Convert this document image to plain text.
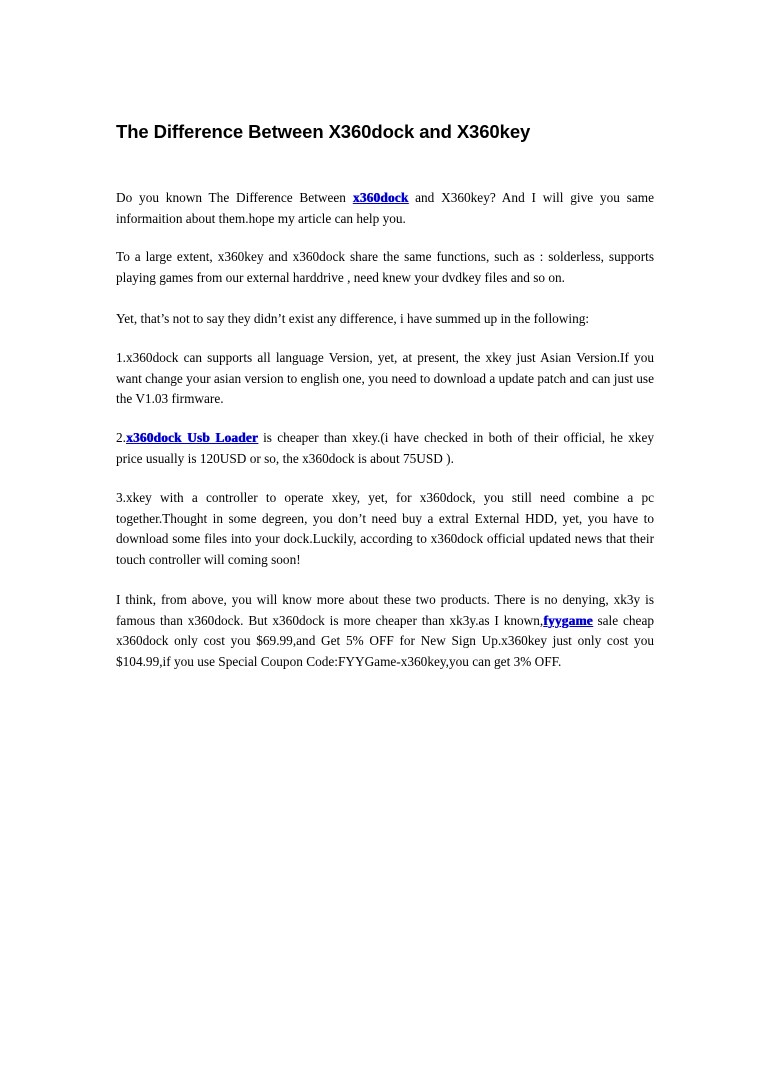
The Difference Between X360dock and X360key

Do you known The Difference Between x360dock and X360key? And I will give you same informaition about them.hope my article can help you.

To a large extent, x360key and x360dock share the same functions, such as : solderless, supports playing games from our external harddrive , need knew your dvdkey files and so on.

Yet, that’s not to say they didn’t exist any difference, i have summed up in the following:

1.x360dock can supports all language Version, yet, at present, the xkey just Asian Version.If you want change your asian version to english one, you need to download a update patch and can just use the V1.03 firmware.

2.x360dock Usb Loader is cheaper than xkey.(i have checked in both of their official, he xkey price usually is 120USD or so, the x360dock is about 75USD ).

3.xkey with a controller to operate xkey, yet, for x360dock, you still need combine a pc together.Thought in some degreen, you don’t need buy a extral External HDD, yet, you have to download some files into your dock.Luckily, according to x360dock official updated news that their touch controller will coming soon!

I think, from above, you will know more about these two products. There is no denying, xk3y is famous than x360dock. But x360dock is more cheaper than xk3y.as I known,fyygame sale cheap x360dock only cost you $69.99,and Get 5% OFF for New Sign Up.x360key just only cost you $104.99,if you use Special Coupon Code:FYYGame-x360key,you can get 3% OFF.
